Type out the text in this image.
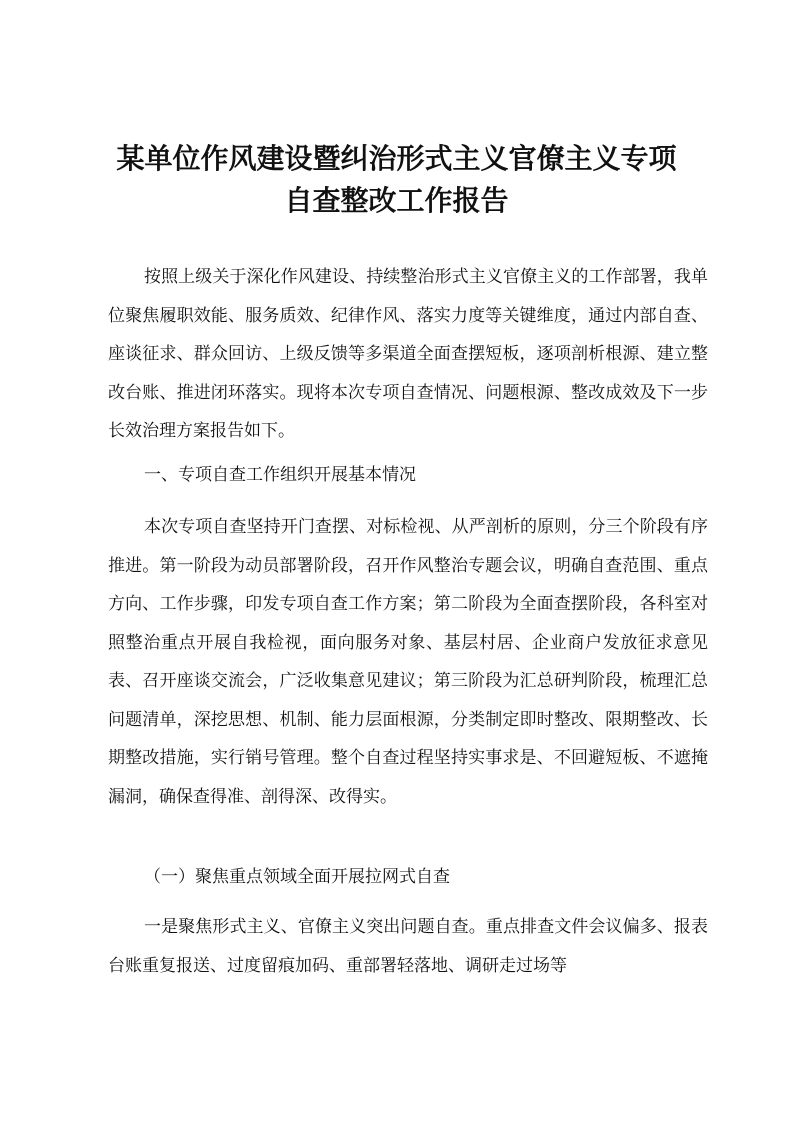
某单位作风建设暨纠治形式主义官僚主义专项
自查整改工作报告

按照上级关于深化作风建设、持续整治形式主义官僚主义的工作部署，我单位聚焦履职效能、服务质效、纪律作风、落实力度等关键维度，通过内部自查、座谈征求、群众回访、上级反馈等多渠道全面查摆短板，逐项剖析根源、建立整改台账、推进闭环落实。现将本次专项自查情况、问题根源、整改成效及下一步长效治理方案报告如下。

一、专项自查工作组织开展基本情况

本次专项自查坚持开门查摆、对标检视、从严剖析的原则，分三个阶段有序推进。第一阶段为动员部署阶段，召开作风整治专题会议，明确自查范围、重点方向、工作步骤，印发专项自查工作方案；第二阶段为全面查摆阶段，各科室对照整治重点开展自我检视，面向服务对象、基层村居、企业商户发放征求意见表、召开座谈交流会，广泛收集意见建议；第三阶段为汇总研判阶段，梳理汇总问题清单，深挖思想、机制、能力层面根源，分类制定即时整改、限期整改、长期整改措施，实行销号管理。整个自查过程坚持实事求是、不回避短板、不遮掩漏洞，确保查得准、剖得深、改得实。

（一）聚焦重点领域全面开展拉网式自查

一是聚焦形式主义、官僚主义突出问题自查。重点排查文件会议偏多、报表台账重复报送、过度留痕加码、重部署轻落地、调研走过场等
